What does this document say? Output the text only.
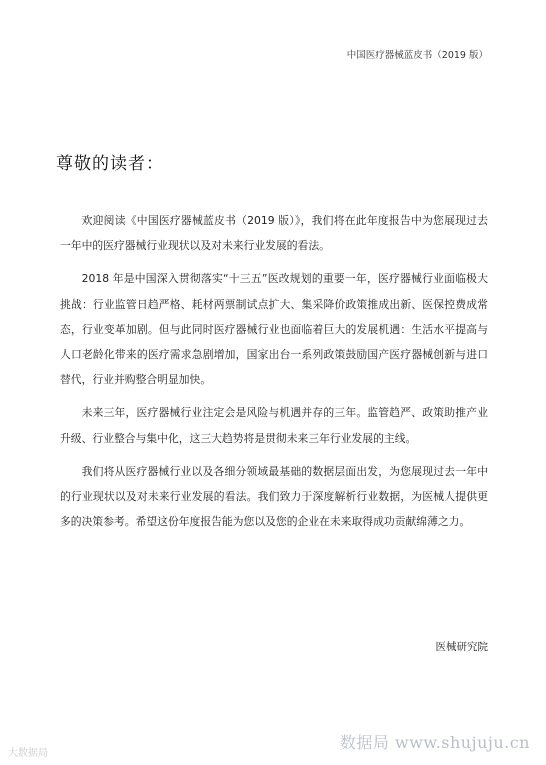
中国医疗器械蓝皮书（2019 版）
尊敬的读者：

欢迎阅读《中国医疗器械蓝皮书（2019 版）》，我们将在此年度报告中为您展现过去一年中的医疗器械行业现状以及对未来行业发展的看法。

2018 年是中国深入贯彻落实“十三五”医改规划的重要一年，医疗器械行业面临极大挑战：行业监管日趋严格、耗材两票制试点扩大、集采降价政策推成出新、医保控费成常态，行业变革加剧。但与此同时医疗器械行业也面临着巨大的发展机遇：生活水平提高与人口老龄化带来的医疗需求急剧增加，国家出台一系列政策鼓励国产医疗器械创新与进口替代，行业并购整合明显加快。

未来三年，医疗器械行业注定会是风险与机遇并存的三年。监管趋严、政策助推产业升级、行业整合与集中化，这三大趋势将是贯彻未来三年行业发展的主线。

我们将从医疗器械行业以及各细分领域最基础的数据层面出发，为您展现过去一年中的行业现状以及对未来行业发展的看法。我们致力于深度解析行业数据，为医械人提供更多的决策参考。希望这份年度报告能为您以及您的企业在未来取得成功贡献绵薄之力。

医械研究院
大数据局
数据局 www.shujuju.cn
